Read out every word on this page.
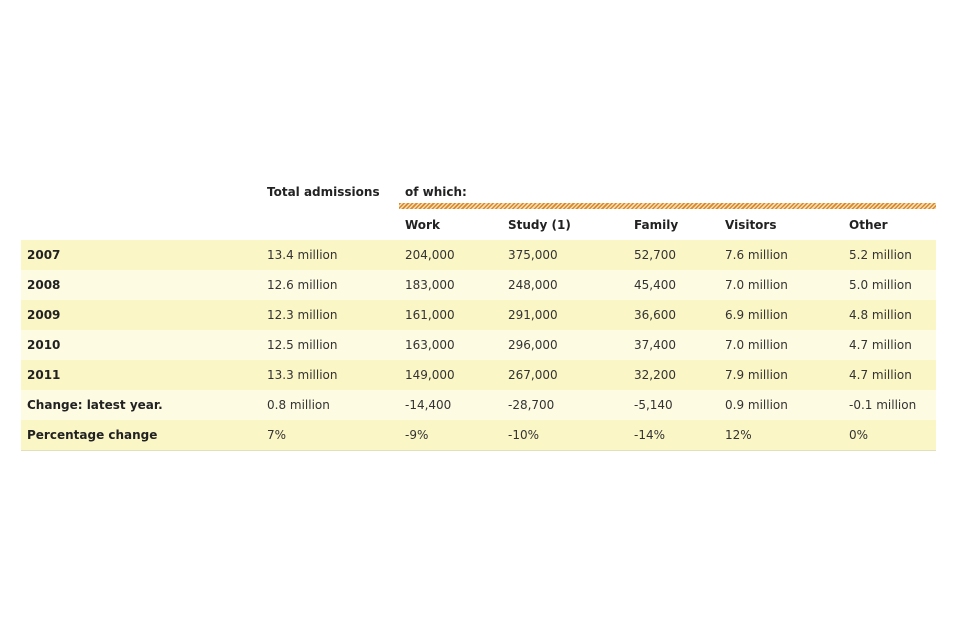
	Total admissions	of which:				

		Work	Study (1)	Family	Visitors	Other
2007	13.4 million	204,000	375,000	52,700	7.6 million	5.2 million
2008	12.6 million	183,000	248,000	45,400	7.0 million	5.0 million
2009	12.3 million	161,000	291,000	36,600	6.9 million	4.8 million
2010	12.5 million	163,000	296,000	37,400	7.0 million	4.7 million
2011	13.3 million	149,000	267,000	32,200	7.9 million	4.7 million
Change: latest year.	0.8 million	-14,400	-28,700	-5,140	0.9 million	-0.1 million
Percentage change	7%	-9%	-10%	-14%	12%	0%
